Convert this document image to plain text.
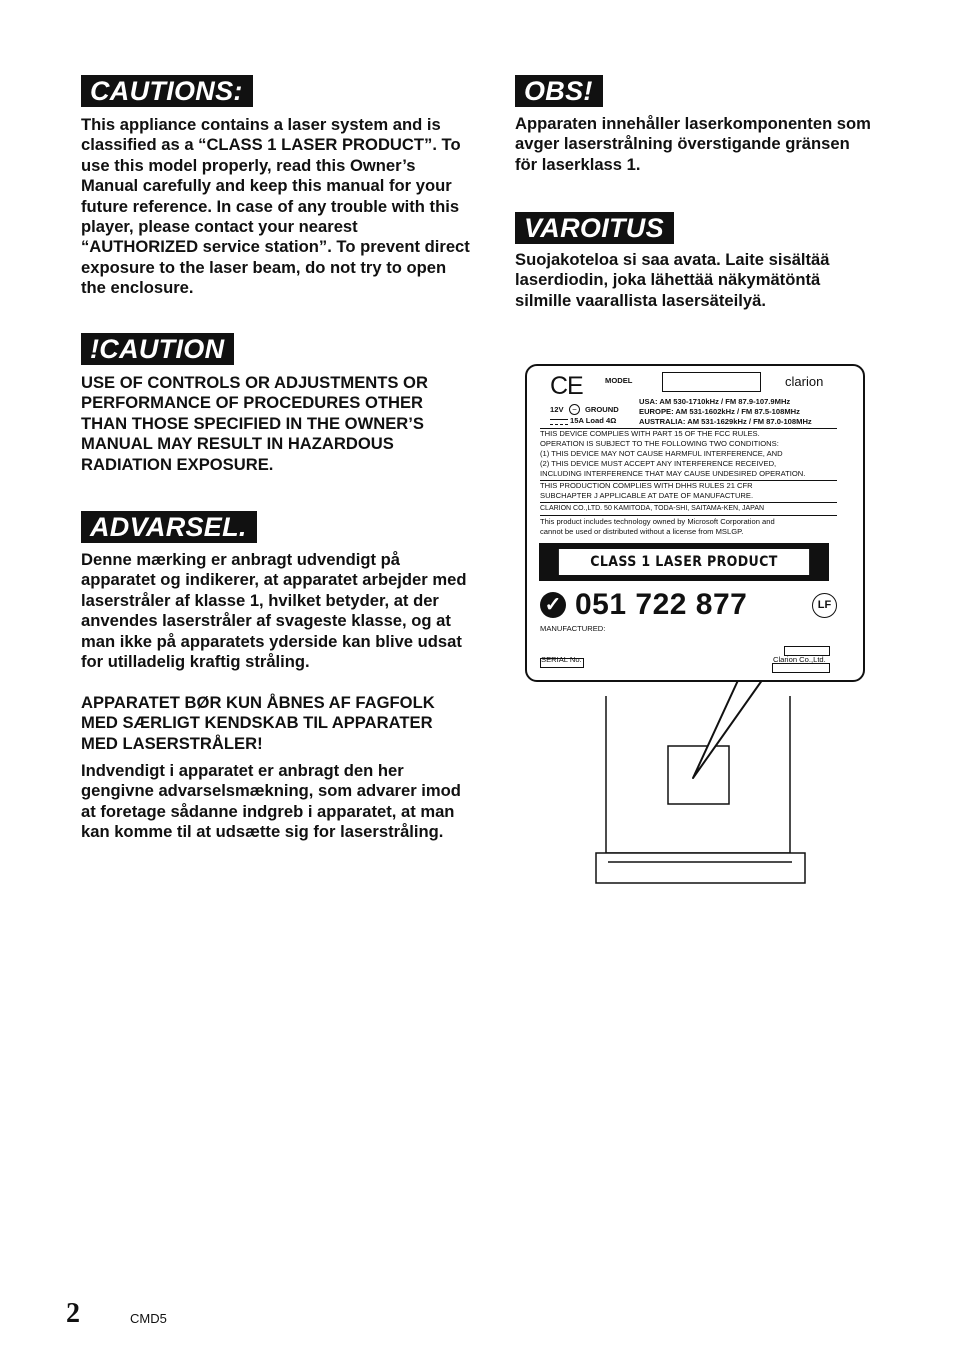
CAUTIONS:

This appliance contains a laser system and is classified as a “CLASS 1 LASER PRODUCT”. To use this model properly, read this Owner’s Manual carefully and keep this manual for your future reference. In case of any trouble with this player, please contact your nearest “AUTHORIZED service station”. To prevent direct exposure to the laser beam, do not try to open the enclosure.

!CAUTION

USE OF CONTROLS OR ADJUSTMENTS OR PERFORMANCE OF PROCEDURES OTHER THAN THOSE SPECIFIED IN THE OWNER’S MANUAL MAY RESULT IN HAZARDOUS RADIATION EXPOSURE.

ADVARSEL.

Denne mærking er anbragt udvendigt på apparatet og indikerer, at apparatet arbejder med laserstråler af klasse 1, hvilket betyder, at der anvendes laserstråler af svageste klasse, og at man ikke på apparatets yderside kan blive udsat for utilladelig kraftig stråling.

APPARATET BØR KUN ÅBNES AF FAGFOLK MED SÆRLIGT KENDSKAB TIL APPARATER MED LASERSTRÅLER!

Indvendigt i apparatet er anbragt den her gengivne advarselsmækning, som advarer imod at foretage sådanne indgreb i apparatet, at man kan komme til at udsætte sig for laserstråling.

OBS!

Apparaten innehåller laserkomponenten som avger laserstrålning överstigande gränsen för laserklass 1.

VAROITUS

Suojakoteloa si saa avata. Laite sisältää laserdiodin, joka lähettää näkymätöntä silmille vaarallista lasersäteilyä.

CE	MODEL	clarion
12V	−	GROUND
15A Load 4Ω
USA: AM 530-1710kHz / FM 87.9-107.9MHz
EUROPE: AM 531-1602kHz / FM 87.5-108MHz
AUSTRALIA: AM 531-1629kHz / FM 87.0-108MHz
THIS DEVICE COMPLIES WITH PART 15 OF THE FCC RULES.
OPERATION IS SUBJECT TO THE FOLLOWING TWO CONDITIONS:
(1) THIS DEVICE MAY NOT CAUSE HARMFUL INTERFERENCE, AND
(2) THIS DEVICE MUST ACCEPT ANY INTERFERENCE RECEIVED,
INCLUDING INTERFERENCE THAT MAY CAUSE UNDESIRED OPERATION.
THIS PRODUCTION COMPLIES WITH DHHS RULES 21 CFR
SUBCHAPTER J APPLICABLE AT DATE OF MANUFACTURE.
CLARION CO.,LTD. 50 KAMITODA, TODA-SHI, SAITAMA-KEN, JAPAN
This product includes technology owned by Microsoft Corporation and
cannot be used or distributed without a license from MSLGP.
CLASS 1 LASER PRODUCT
✓ 051 722 877	LF
MANUFACTURED:
SERIAL No.	Clarion Co.,Ltd.
2	CMD5
